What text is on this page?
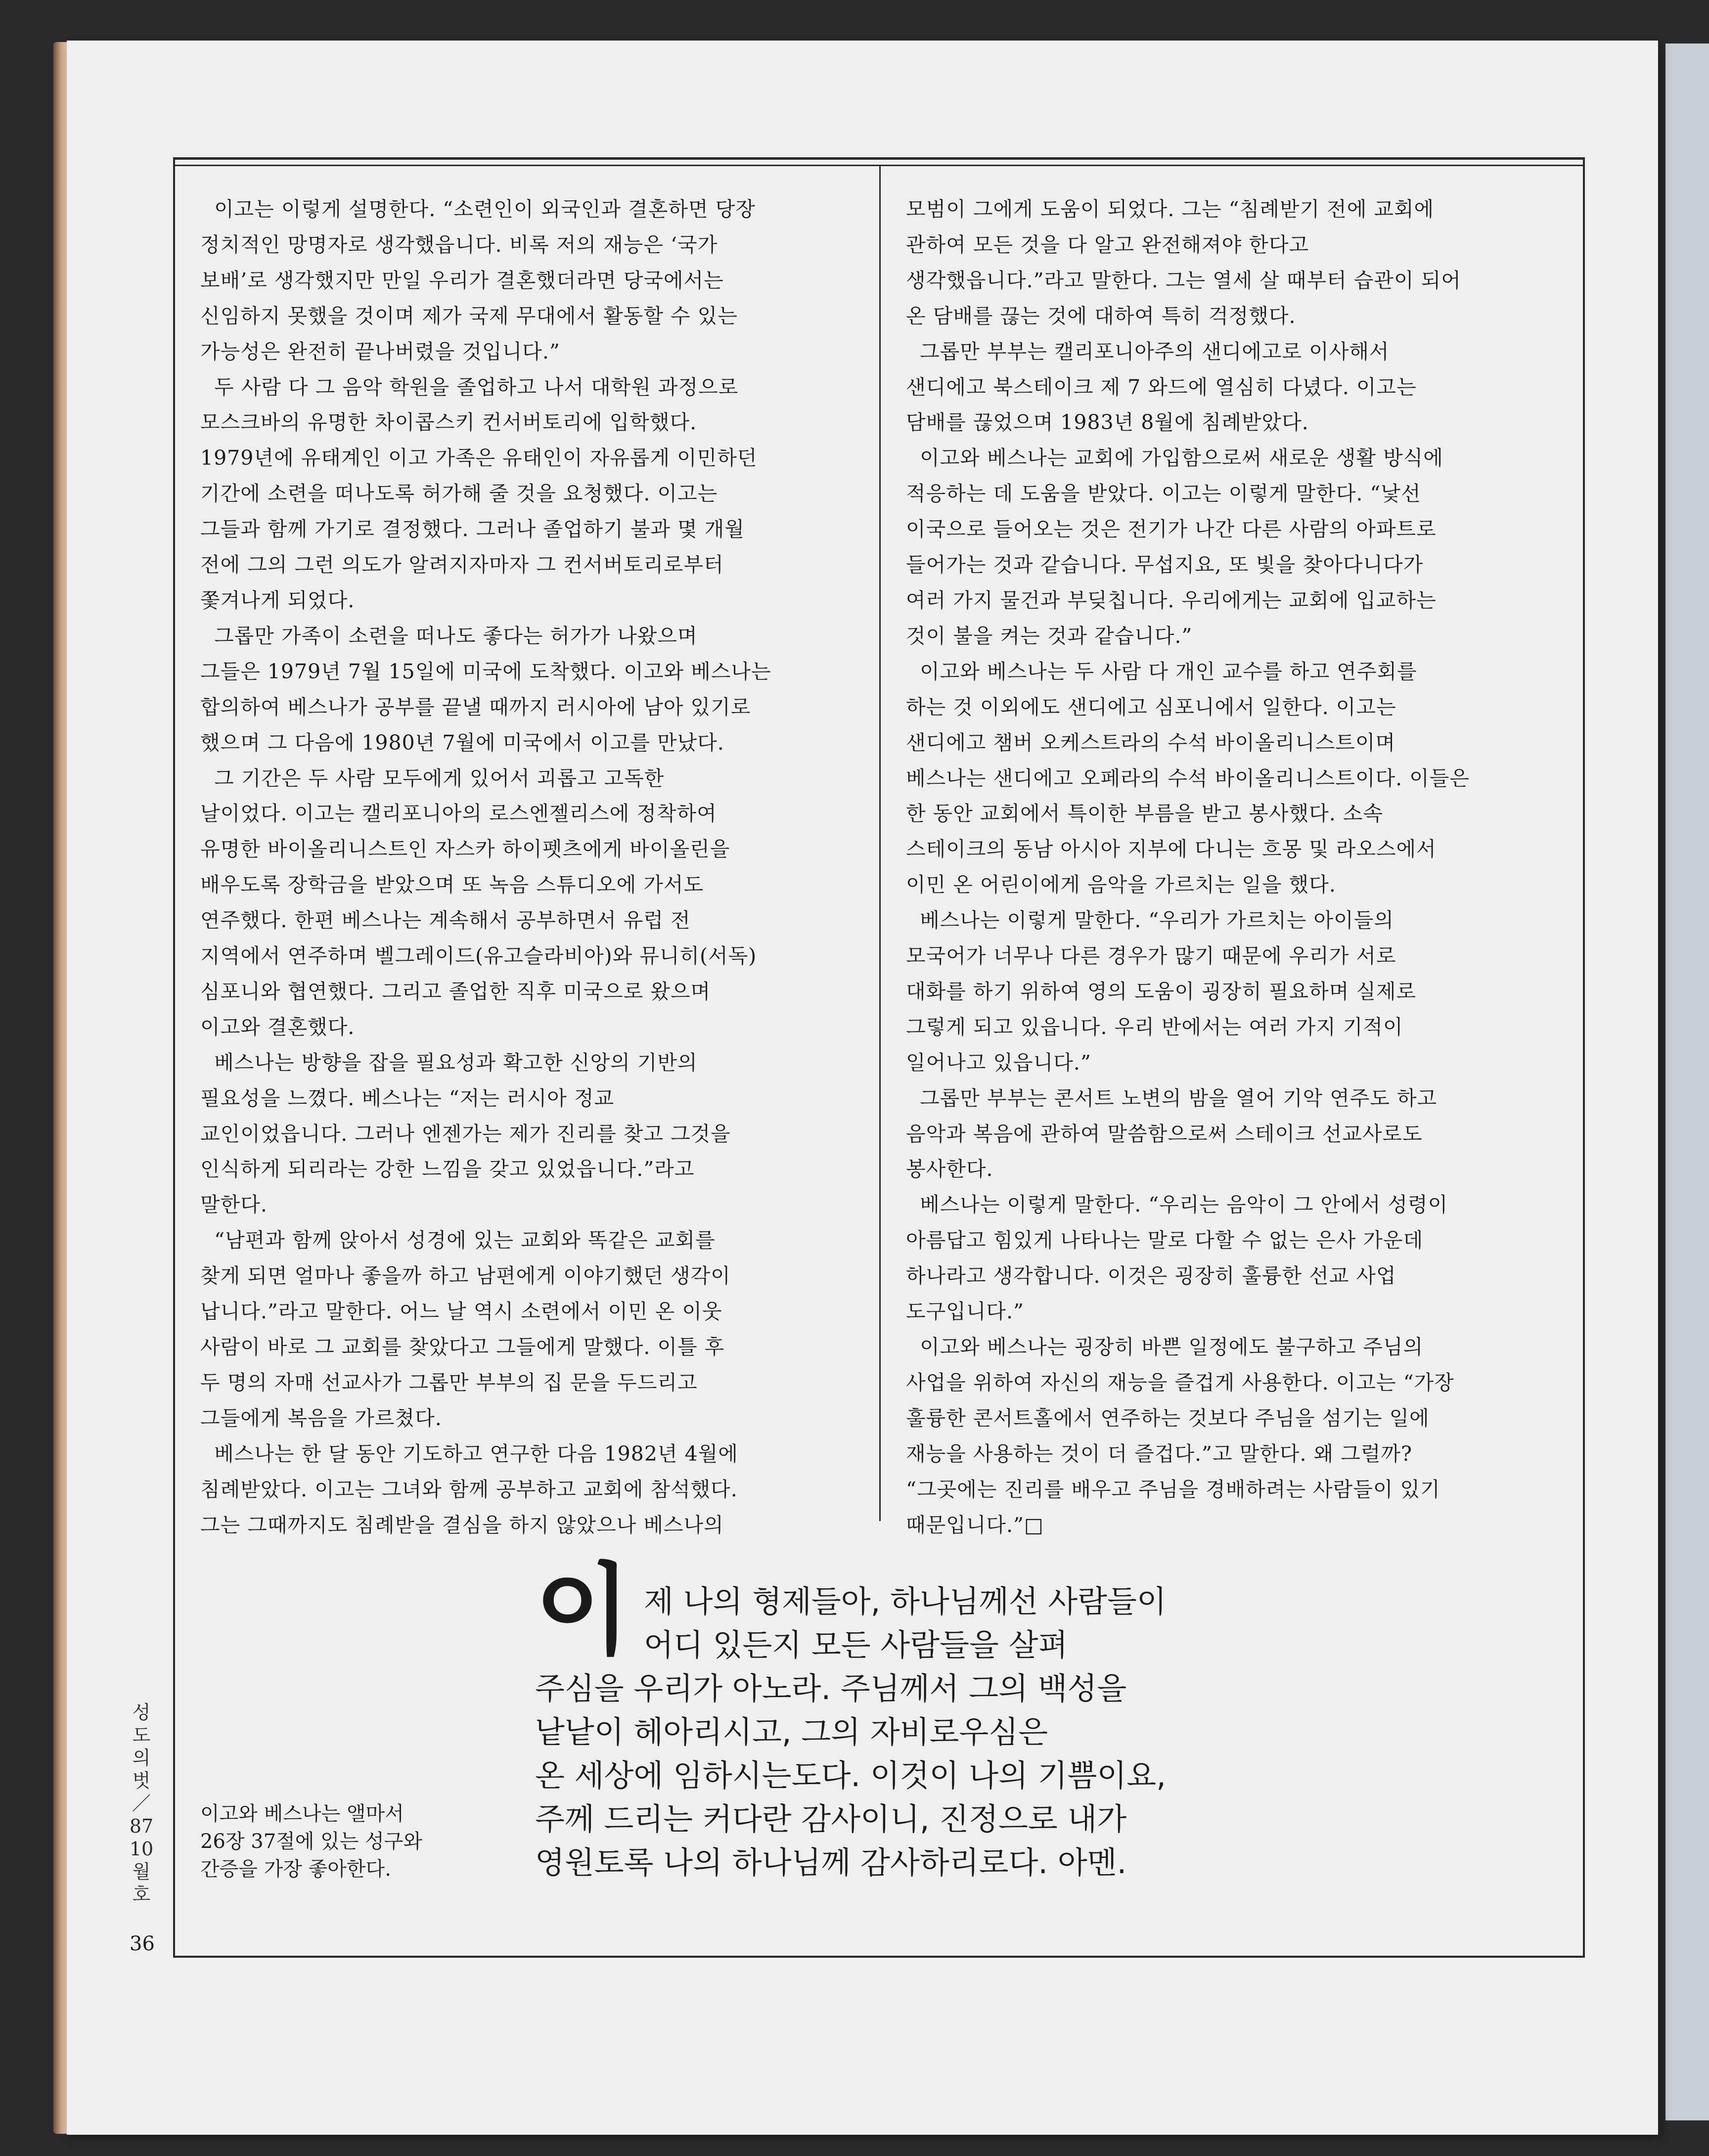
이고는 이렇게 설명한다. “소련인이 외국인과 결혼하면 당장

정치적인 망명자로 생각했읍니다. 비록 저의 재능은 ‘국가

보배’로 생각했지만 만일 우리가 결혼했더라면 당국에서는

신임하지 못했을 것이며 제가 국제 무대에서 활동할 수 있는

가능성은 완전히 끝나버렸을 것입니다.”

두 사람 다 그 음악 학원을 졸업하고 나서 대학원 과정으로

모스크바의 유명한 차이콥스키 컨서버토리에 입학했다.

1979년에 유태계인 이고 가족은 유태인이 자유롭게 이민하던

기간에 소련을 떠나도록 허가해 줄 것을 요청했다. 이고는

그들과 함께 가기로 결정했다. 그러나 졸업하기 불과 몇 개월

전에 그의 그런 의도가 알려지자마자 그 컨서버토리로부터

쫓겨나게 되었다.

그롭만 가족이 소련을 떠나도 좋다는 허가가 나왔으며

그들은 1979년 7월 15일에 미국에 도착했다. 이고와 베스나는

합의하여 베스나가 공부를 끝낼 때까지 러시아에 남아 있기로

했으며 그 다음에 1980년 7월에 미국에서 이고를 만났다.

그 기간은 두 사람 모두에게 있어서 괴롭고 고독한

날이었다. 이고는 캘리포니아의 로스엔젤리스에 정착하여

유명한 바이올리니스트인 자스카 하이펫츠에게 바이올린을

배우도록 장학금을 받았으며 또 녹음 스튜디오에 가서도

연주했다. 한편 베스나는 계속해서 공부하면서 유럽 전

지역에서 연주하며 벨그레이드(유고슬라비아)와 뮤니히(서독)

심포니와 협연했다. 그리고 졸업한 직후 미국으로 왔으며

이고와 결혼했다.

베스나는 방향을 잡을 필요성과 확고한 신앙의 기반의

필요성을 느꼈다. 베스나는 “저는 러시아 정교

교인이었읍니다. 그러나 엔젠가는 제가 진리를 찾고 그것을

인식하게 되리라는 강한 느낌을 갖고 있었읍니다.”라고

말한다.

“남편과 함께 앉아서 성경에 있는 교회와 똑같은 교회를

찾게 되면 얼마나 좋을까 하고 남편에게 이야기했던 생각이

납니다.”라고 말한다. 어느 날 역시 소련에서 이민 온 이웃

사람이 바로 그 교회를 찾았다고 그들에게 말했다. 이틀 후

두 명의 자매 선교사가 그롭만 부부의 집 문을 두드리고

그들에게 복음을 가르쳤다.

베스나는 한 달 동안 기도하고 연구한 다음 1982년 4월에

침례받았다. 이고는 그녀와 함께 공부하고 교회에 참석했다.

그는 그때까지도 침례받을 결심을 하지 않았으나 베스나의

모범이 그에게 도움이 되었다. 그는 “침례받기 전에 교회에

관하여 모든 것을 다 알고 완전해져야 한다고

생각했읍니다.”라고 말한다. 그는 열세 살 때부터 습관이 되어

온 담배를 끊는 것에 대하여 특히 걱정했다.

그롭만 부부는 캘리포니아주의 샌디에고로 이사해서

샌디에고 북스테이크 제 7 와드에 열심히 다녔다. 이고는

담배를 끊었으며 1983년 8월에 침례받았다.

이고와 베스나는 교회에 가입함으로써 새로운 생활 방식에

적응하는 데 도움을 받았다. 이고는 이렇게 말한다. “낯선

이국으로 들어오는 것은 전기가 나간 다른 사람의 아파트로

들어가는 것과 같습니다. 무섭지요, 또 빛을 찾아다니다가

여러 가지 물건과 부딪칩니다. 우리에게는 교회에 입교하는

것이 불을 켜는 것과 같습니다.”

이고와 베스나는 두 사람 다 개인 교수를 하고 연주회를

하는 것 이외에도 샌디에고 심포니에서 일한다. 이고는

샌디에고 챔버 오케스트라의 수석 바이올리니스트이며

베스나는 샌디에고 오페라의 수석 바이올리니스트이다. 이들은

한 동안 교회에서 특이한 부름을 받고 봉사했다. 소속

스테이크의 동남 아시아 지부에 다니는 흐몽 및 라오스에서

이민 온 어린이에게 음악을 가르치는 일을 했다.

베스나는 이렇게 말한다. “우리가 가르치는 아이들의

모국어가 너무나 다른 경우가 많기 때문에 우리가 서로

대화를 하기 위하여 영의 도움이 굉장히 필요하며 실제로

그렇게 되고 있읍니다. 우리 반에서는 여러 가지 기적이

일어나고 있읍니다.”

그롭만 부부는 콘서트 노변의 밤을 열어 기악 연주도 하고

음악과 복음에 관하여 말씀함으로써 스테이크 선교사로도

봉사한다.

베스나는 이렇게 말한다. “우리는 음악이 그 안에서 성령이

아름답고 힘있게 나타나는 말로 다할 수 없는 은사 가운데

하나라고 생각합니다. 이것은 굉장히 훌륭한 선교 사업

도구입니다.”

이고와 베스나는 굉장히 바쁜 일정에도 불구하고 주님의

사업을 위하여 자신의 재능을 즐겁게 사용한다. 이고는 “가장

훌륭한 콘서트홀에서 연주하는 것보다 주님을 섬기는 일에

재능을 사용하는 것이 더 즐겁다.”고 말한다. 왜 그럴까?

“그곳에는 진리를 배우고 주님을 경배하려는 사람들이 있기

때문입니다.”□

이 제 나의 형제들아, 하나님께선 사람들이
어디 있든지 모든 사람들을 살펴
주심을 우리가 아노라. 주님께서 그의 백성을
낱낱이 헤아리시고, 그의 자비로우심은
온 세상에 임하시는도다. 이것이 나의 기쁨이요,
주께 드리는 커다란 감사이니, 진정으로 내가
영원토록 나의 하나님께 감사하리로다. 아멘.

이고와 베스나는 앨마서

26장 37절에 있는 성구와

간증을 가장 좋아한다.

성
도
의
벗
／
87
10
월
호
36
